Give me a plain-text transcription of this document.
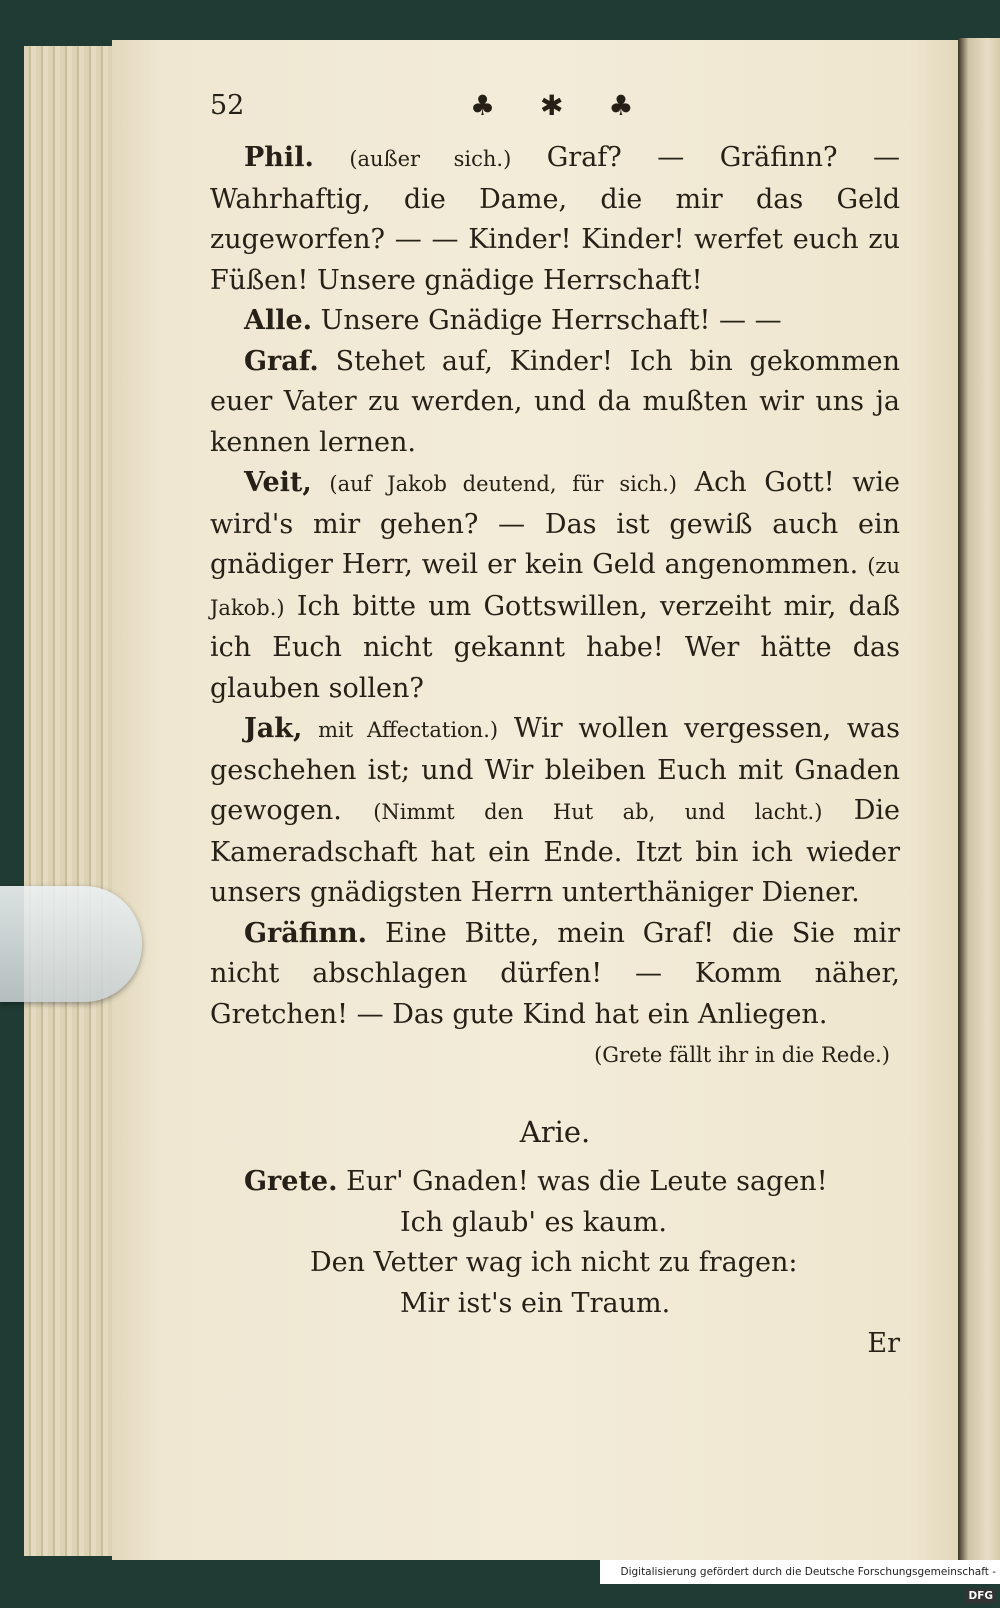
52	♣ ✱ ♣

Phil. (außer sich.) Graf? — Gräfinn? — Wahrhaftig, die Dame, die mir das Geld zugeworfen? — — Kinder! Kinder! werfet euch zu Füßen! Unsere gnädige Herrschaft!

Alle. Unsere Gnädige Herrschaft! — —

Graf. Stehet auf, Kinder! Ich bin gekommen euer Vater zu werden, und da mußten wir uns ja kennen lernen.

Veit, (auf Jakob deutend, für sich.) Ach Gott! wie wird's mir gehen? — Das ist gewiß auch ein gnädiger Herr, weil er kein Geld angenommen. (zu Jakob.) Ich bitte um Gottswillen, verzeiht mir, daß ich Euch nicht gekannt habe! Wer hätte das glauben sollen?

Jak, mit Affectation.) Wir wollen vergessen, was geschehen ist; und Wir bleiben Euch mit Gnaden gewogen. (Nimmt den Hut ab, und lacht.) Die Kameradschaft hat ein Ende. Itzt bin ich wieder unsers gnädigsten Herrn unterthäniger Diener.

Gräfinn. Eine Bitte, mein Graf! die Sie mir nicht abschlagen dürfen! — Komm näher, Gretchen! — Das gute Kind hat ein Anliegen.

(Grete fällt ihr in die Rede.)

Arie.

Grete. Eur' Gnaden! was die Leute sagen!

Ich glaub' es kaum.

Den Vetter wag ich nicht zu fragen:

Mir ist's ein Traum.

Er

Digitalisierung gefördert durch die Deutsche Forschungsgemeinschaft -DFG
